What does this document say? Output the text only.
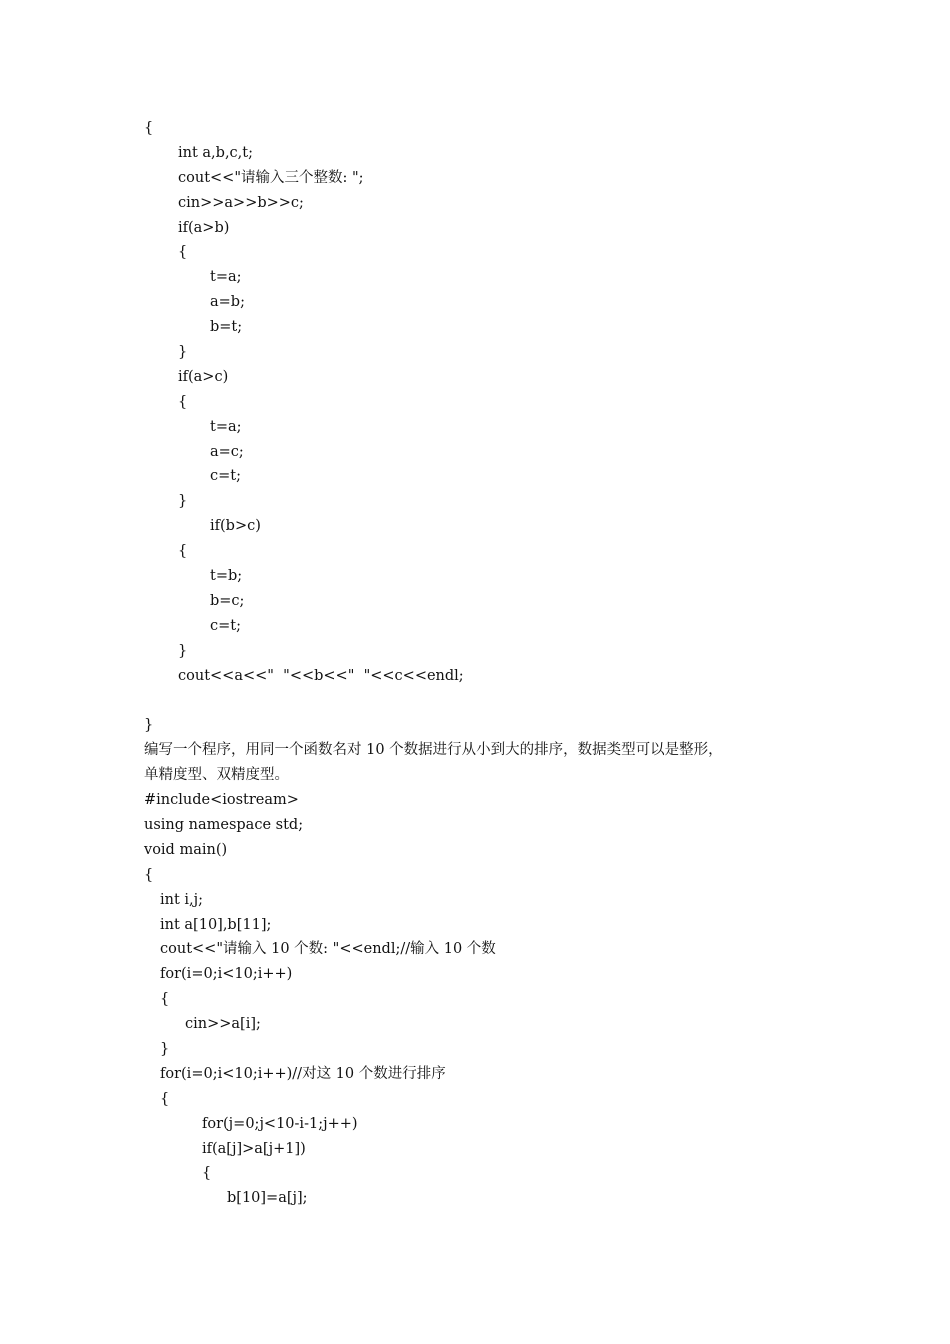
{
int a,b,c,t;
cout<<"请输入三个整数: ";
cin>>a>>b>>c;
if(a>b)
{
t=a;
a=b;
b=t;
}
if(a>c)
{
t=a;
a=c;
c=t;
}
if(b>c)
{
t=b;
b=c;
c=t;
}
cout<<a<<"  "<<b<<"  "<<c<<endl;
}
编写一个程序，用同一个函数名对 10 个数据进行从小到大的排序，数据类型可以是整形，
单精度型、双精度型。
#include<iostream>
using namespace std;
void main()
{
int i,j;
int a[10],b[11];
cout<<"请输入 10 个数: "<<endl;//输入 10 个数
for(i=0;i<10;i++)
{
cin>>a[i];
}
for(i=0;i<10;i++)//对这 10 个数进行排序
{
for(j=0;j<10-i-1;j++)
if(a[j]>a[j+1])
{
b[10]=a[j];
